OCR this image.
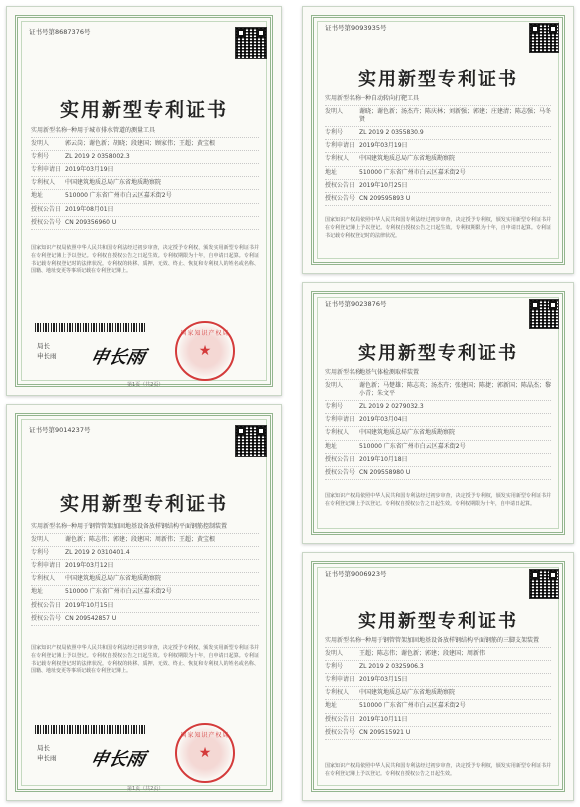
证书号第8687376号
实用新型专利证书
实用新型名称
一种用于城市排水管道的测量工具
发明人	郭云岗；谢色新；胡晓；段建国；顾家伟；王超；黄宝根
专利号	ZL 2019 2 0358002.3
专利申请日 2019年03月19日
专利权人	中国建筑地质总局广东省地质勘察院
地址	510000 广东省广州市白云区嘉禾街2号
授权公告日 2019年08月01日
授权公告号 CN 209356960 U
国家知识产权局依照中华人民共和国专利法经过初步审查，决定授予专利权，颁发实用新型专利证书并在专利登记簿上予以登记。专利权自授权公告之日起生效。专利权期限为十年，自申请日起算。专利证书记载专利权登记时的法律状况。专利权的转移、质押、无效、终止、恢复和专利权人的姓名或名称、国籍、地址变更等事项记载在专利登记簿上。
局长
申长雨 申长雨
国家知识产权局
★
第1页（共2页）
证书号第9093935号
实用新型专利证书
实用新型名称
一种自动转向打靶工具
发明人	谢晓；谢色新；汤杰卉；陈庆林；刘新强；郭建；庄建清；陈志强；马冬贤
专利号	ZL 2019 2 0355830.9
专利申请日 2019年03月19日
专利权人	中国建筑地质总局广东省地质勘察院
地址	510000 广东省广州市白云区嘉禾街2号
授权公告日 2019年10月25日
授权公告号 CN 209595893 U
国家知识产权局依照中华人民共和国专利法经过初步审查，决定授予专利权，颁发实用新型专利证书并在专利登记簿上予以登记。专利权自授权公告之日起生效。专利权期限为十年，自申请日起算。专利证书记载专利权登记时的法律状况。
证书号第9023876号
实用新型专利证书
实用新型名称
地基气体检测取样装置
发明人	谢色新；马楚雄；陈志英；汤杰卉；张建国；陈捷；郭新国；陈晶杰；黎小青；朱文平
专利号	ZL 2019 2 0279032.3
专利申请日 2019年03月04日
专利权人	中国建筑地质总局广东省地质勘察院
地址	510000 广东省广州市白云区嘉禾街2号
授权公告日 2019年10月18日
授权公告号 CN 209558980 U
国家知识产权局依照中华人民共和国专利法经过初步审查，决定授予专利权，颁发实用新型专利证书并在专利登记簿上予以登记。专利权自授权公告之日起生效。专利权期限为十年，自申请日起算。
证书号第9014237号
实用新型专利证书
实用新型名称
一种用于钢管管架加固地基设备放样钢结构平面钢筋控制装置
发明人	谢色新；陈志伟；郭建；段建国；周新伟；王超；黄宝根
专利号	ZL 2019 2 0310401.4
专利申请日 2019年03月12日
专利权人	中国建筑地质总局广东省地质勘察院
地址	510000 广东省广州市白云区嘉禾街2号
授权公告日 2019年10月15日
授权公告号 CN 209542857 U
国家知识产权局依照中华人民共和国专利法经过初步审查，决定授予专利权，颁发实用新型专利证书并在专利登记簿上予以登记。专利权自授权公告之日起生效。专利权期限为十年，自申请日起算。专利证书记载专利权登记时的法律状况。专利权的转移、质押、无效、终止、恢复和专利权人的姓名或名称、国籍、地址变更等事项记载在专利登记簿上。
局长
申长雨 申长雨
国家知识产权局
★
第1页（共2页）
证书号第9006923号
实用新型专利证书
实用新型名称
一种用于钢管管架加固地基设备放样钢结构平面钢筋的三脚支架装置
发明人	王超；陈志伟；谢色新；郭建；段建国；周新伟
专利号	ZL 2019 2 0325906.3
专利申请日 2019年03月15日
专利权人	中国建筑地质总局广东省地质勘察院
地址	510000 广东省广州市白云区嘉禾街2号
授权公告日 2019年10月11日
授权公告号 CN 209515921 U
国家知识产权局依照中华人民共和国专利法经过初步审查，决定授予专利权，颁发实用新型专利证书并在专利登记簿上予以登记。专利权自授权公告之日起生效。
